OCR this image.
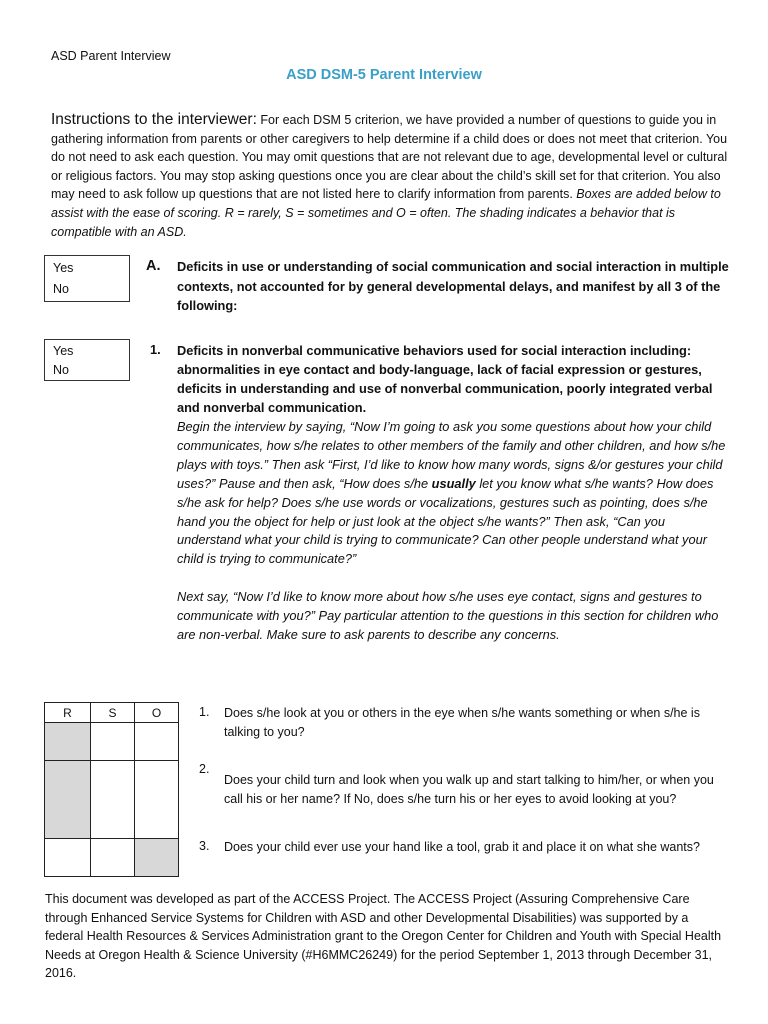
ASD Parent Interview
ASD DSM-5 Parent Interview
Instructions to the interviewer: For each DSM 5 criterion, we have provided a number of questions to guide you in gathering information from parents or other caregivers to help determine if a child does or does not meet that criterion. You do not need to ask each question. You may omit questions that are not relevant due to age, developmental level or cultural or religious factors. You may stop asking questions once you are clear about the child’s skill set for that criterion. You also may need to ask follow up questions that are not listed here to clarify information from parents. Boxes are added below to assist with the ease of scoring. R = rarely, S = sometimes and O = often. The shading indicates a behavior that is compatible with an ASD.
Yes
No
A. Deficits in use or understanding of social communication and social interaction in multiple contexts, not accounted for by general developmental delays, and manifest by all 3 of the following:
Yes
No
1. Deficits in nonverbal communicative behaviors used for social interaction including: abnormalities in eye contact and body-language, lack of facial expression or gestures, deficits in understanding and use of nonverbal communication, poorly integrated verbal and nonverbal communication.

Begin the interview by saying, “Now I’m going to ask you some questions about how your child communicates, how s/he relates to other members of the family and other children, and how s/he plays with toys.” Then ask “First, I’d like to know how many words, signs &/or gestures your child uses?” Pause and then ask, “How does s/he usually let you know what s/he wants? How does s/he ask for help? Does s/he use words or vocalizations, gestures such as pointing, does s/he hand you the object for help or just look at the object s/he wants?” Then ask, “Can you understand what your child is trying to communicate? Can other people understand what your child is trying to communicate?”

Next say, “Now I’d like to know more about how s/he uses eye contact, signs and gestures to communicate with you?” Pay particular attention to the questions in this section for children who are non-verbal. Make sure to ask parents to describe any concerns.

R	S	O

			1. Does s/he look at you or others in the eye when s/he wants something or when s/he is talking to you?
2.
Does your child turn and look when you walk up and start talking to him/her, or when you call his or her name? If No, does s/he turn his or her eyes to avoid looking at you?
3. Does your child ever use your hand like a tool, grab it and place it on what she wants?
This document was developed as part of the ACCESS Project. The ACCESS Project (Assuring Comprehensive Care through Enhanced Service Systems for Children with ASD and other Developmental Disabilities) was supported by a federal Health Resources & Services Administration grant to the Oregon Center for Children and Youth with Special Health Needs at Oregon Health & Science University (#H6MMC26249) for the period September 1, 2013 through December 31, 2016.
